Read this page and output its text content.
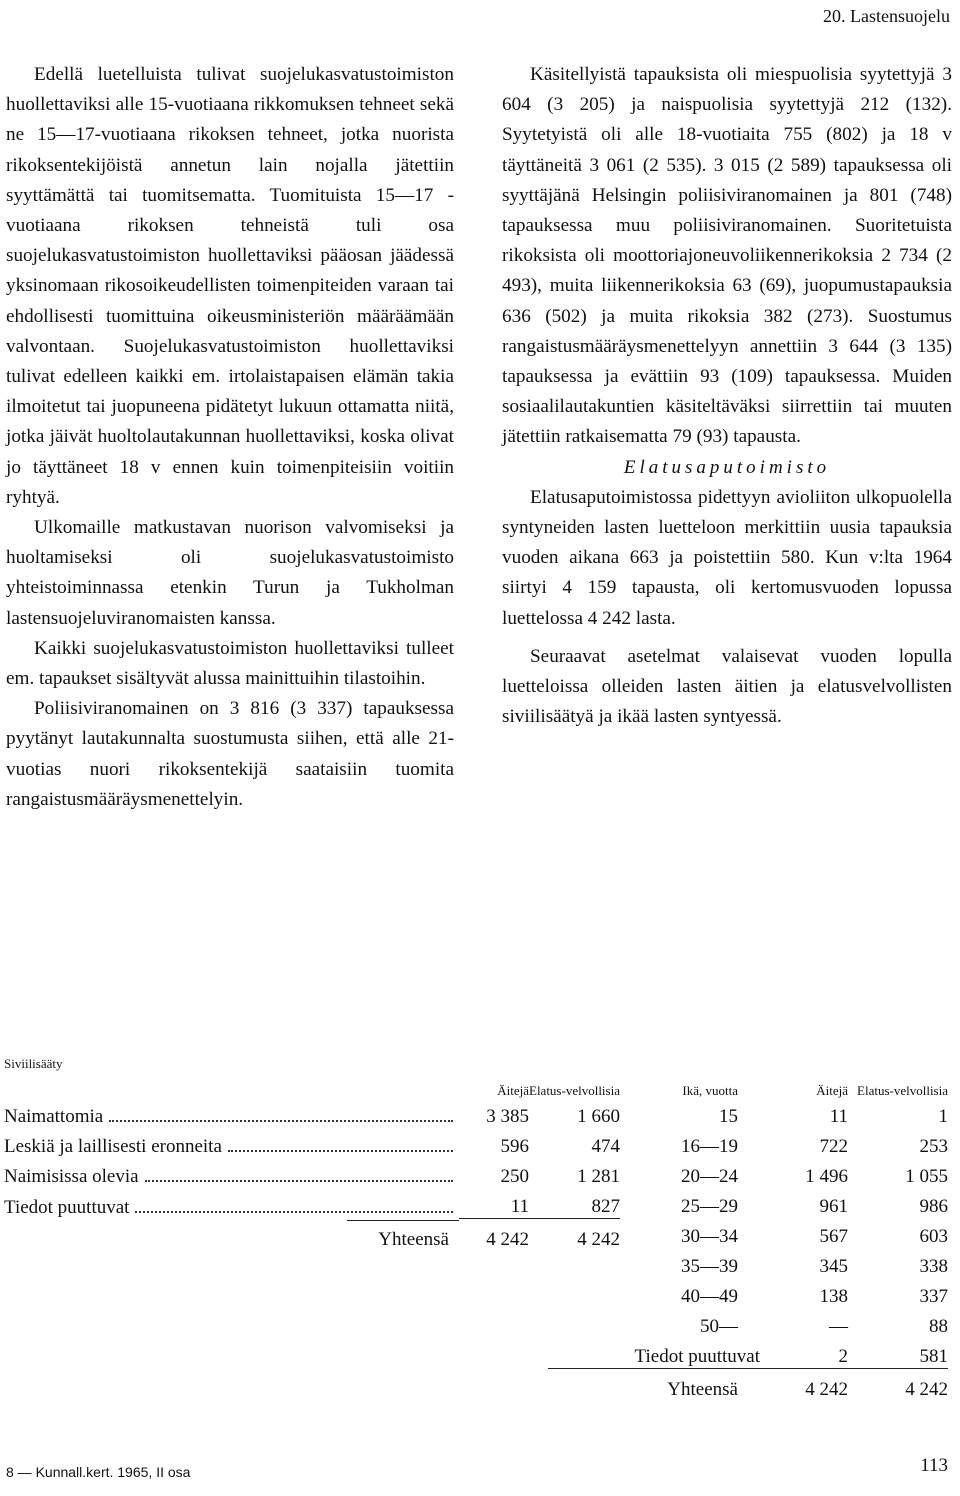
20. Lastensuojelu

Edellä luetelluista tulivat suojelukasvatustoimiston huollettaviksi alle 15-vuotiaana rikkomuksen tehneet sekä ne 15—17-vuotiaana rikoksen tehneet, jotka nuorista rikoksentekijöistä annetun lain nojalla jätettiin syyttämättä tai tuomitsematta. Tuomituista 15—17 -vuotiaana rikoksen tehneistä tuli osa suojelukasvatustoimiston huollettaviksi pääosan jäädessä yksinomaan rikosoikeudellisten toimenpiteiden varaan tai ehdollisesti tuomittuina oikeusministeriön määräämään valvontaan. Suojelukasvatustoimiston huollettaviksi tulivat edelleen kaikki em. irtolaistapaisen elämän takia ilmoitetut tai juopuneena pidätetyt lukuun ottamatta niitä, jotka jäivät huoltolautakunnan huollettaviksi, koska olivat jo täyttäneet 18 v ennen kuin toimenpiteisiin voitiin ryhtyä.

Ulkomaille matkustavan nuorison valvomiseksi ja huoltamiseksi oli suojelukasvatustoimisto yhteistoiminnassa etenkin Turun ja Tukholman lastensuojeluviranomaisten kanssa.

Kaikki suojelukasvatustoimiston huollettaviksi tulleet em. tapaukset sisältyvät alussa mainittuihin tilastoihin.

Poliisiviranomainen on 3 816 (3 337) tapauksessa pyytänyt lautakunnalta suostumusta siihen, että alle 21-vuotias nuori rikoksentekijä saataisiin tuomita rangaistusmääräysmenettelyin.

Käsitellyistä tapauksista oli miespuolisia syytettyjä 3 604 (3 205) ja naispuolisia syytettyjä 212 (132). Syytetyistä oli alle 18-vuotiaita 755 (802) ja 18 v täyttäneitä 3 061 (2 535). 3 015 (2 589) tapauksessa oli syyttäjänä Helsingin poliisiviranomainen ja 801 (748) tapauksessa muu poliisiviranomainen. Suoritetuista rikoksista oli moottoriajoneuvoliikennerikoksia 2 734 (2 493), muita liikennerikoksia 63 (69), juopumustapauksia 636 (502) ja muita rikoksia 382 (273). Suostumus rangaistusmääräysmenettelyyn annettiin 3 644 (3 135) tapauksessa ja evättiin 93 (109) tapauksessa. Muiden sosiaalilautakuntien käsiteltäväksi siirrettiin tai muuten jätettiin ratkaisematta 79 (93) tapausta.

Elatusaputoimisto

Elatusaputoimistossa pidettyyn avioliiton ulkopuolella syntyneiden lasten luetteloon merkittiin uusia tapauksia vuoden aikana 663 ja poistettiin 580. Kun v:lta 1964 siirtyi 4 159 tapausta, oli kertomusvuoden lopussa luettelossa 4 242 lasta.

Seuraavat asetelmat valaisevat vuoden lopulla luetteloissa olleiden lasten äitien ja elatusvelvollisten siviilisäätyä ja ikää lasten syntyessä.

Siviilisääty	Äitejä	Elatus-velvollisia

Naimattomia	3 385	1 660

Leskiä ja laillisesti eronneita	596	474

Naimisissa olevia	250	1 281

Tiedot puuttuvat	11	827

Yhteensä	4 242	4 242
Ikä, vuotta	Äitejä	Elatus-velvollisia
15	11	1
16—19	722	253
20—24	1 496	1 055
25—29	961	986
30—34	567	603
35—39	345	338
40—49	138	337
50—	—	88
Tiedot puuttuvat	2	581

Yhteensä	4 242	4 242
8 — Kunnall.kert. 1965, II osa	113
